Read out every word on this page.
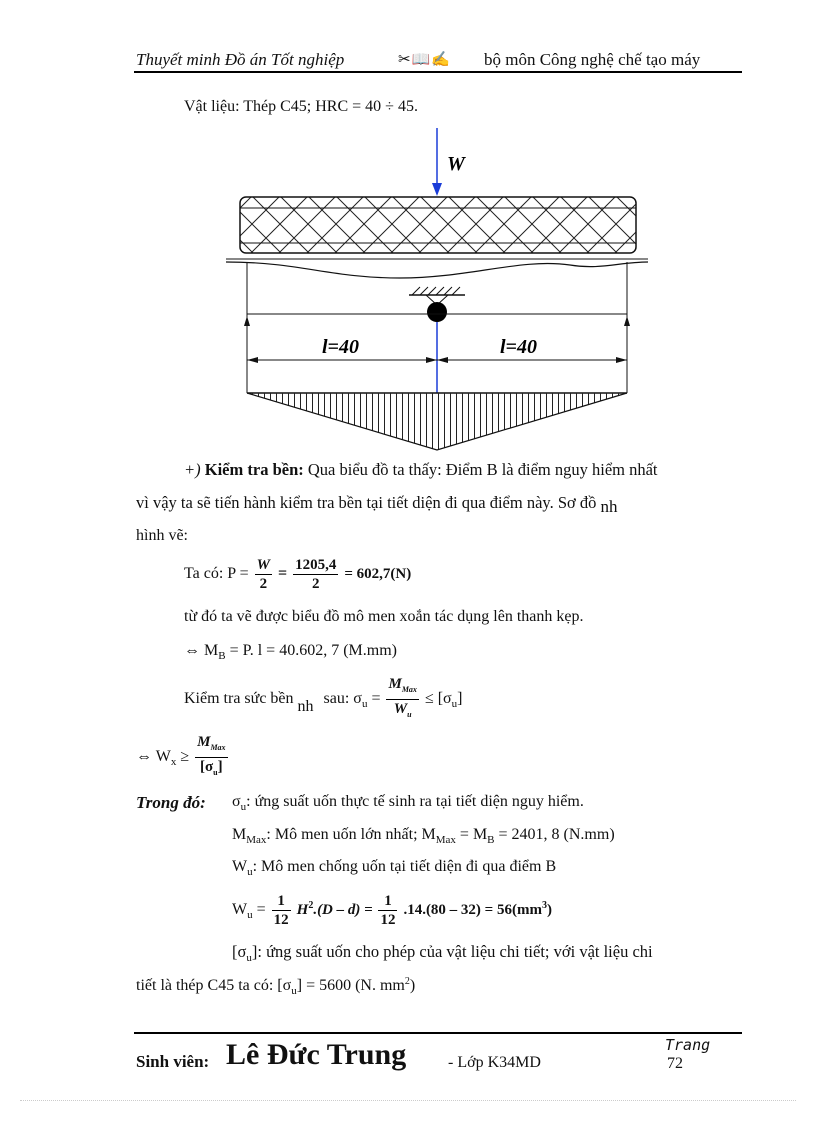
Thuyết minh Đồ án Tốt nghiệp	✂📖✍ bộ môn Công nghệ chế tạo máy
Vật liệu: Thép C45; HRC = 40 ÷ 45.
W
l=40	l=40
+) Kiểm tra bền: Qua biểu đồ ta thấy: Điểm B là điểm nguy hiểm nhất
vì vậy ta sẽ tiến hành kiểm tra bền tại tiết diện đi qua điểm này. Sơ đồ nh
hình vẽ:
Ta có: $P = \frac{W}{2} = \frac{1205,4}{2} = 602,7(N)$
từ đó ta vẽ được biểu đồ mô men xoắn tác dụng lên thanh kẹp.
⇔ $M_B = P$. l = 40.602, 7 (M.mm)
Kiểm tra sức bền nh sau: $\sigma_u = \frac{M_{Max}}{W_u} \le [\sigma_u]$
⇔ $W_x \ge \frac{M_{Max}}{[\sigma_u]}$
Trong đó: $\sigma_u$: ứng suất uốn thực tế sinh ra tại tiết diện nguy hiểm.
$M_{Max}$: Mô men uốn lớn nhất; $M_{Max} = M_B = 2401$, 8 (N.mm)
$W_u$: Mô men chống uốn tại tiết diện đi qua điểm B
$W_u = \frac{1}{12} H^2.(D - d) = \frac{1}{12} .14.(80 - 32) = 56(mm^3)$
$[\sigma_u]$: ứng suất uốn cho phép của vật liệu chi tiết; với vật liệu chi
tiết là thép C45 ta có: $[\sigma_u] = 5600$ (N. $mm^2$)
Sinh viên: Lê Đức Trung	- Lớp K34MD
Trang
72
